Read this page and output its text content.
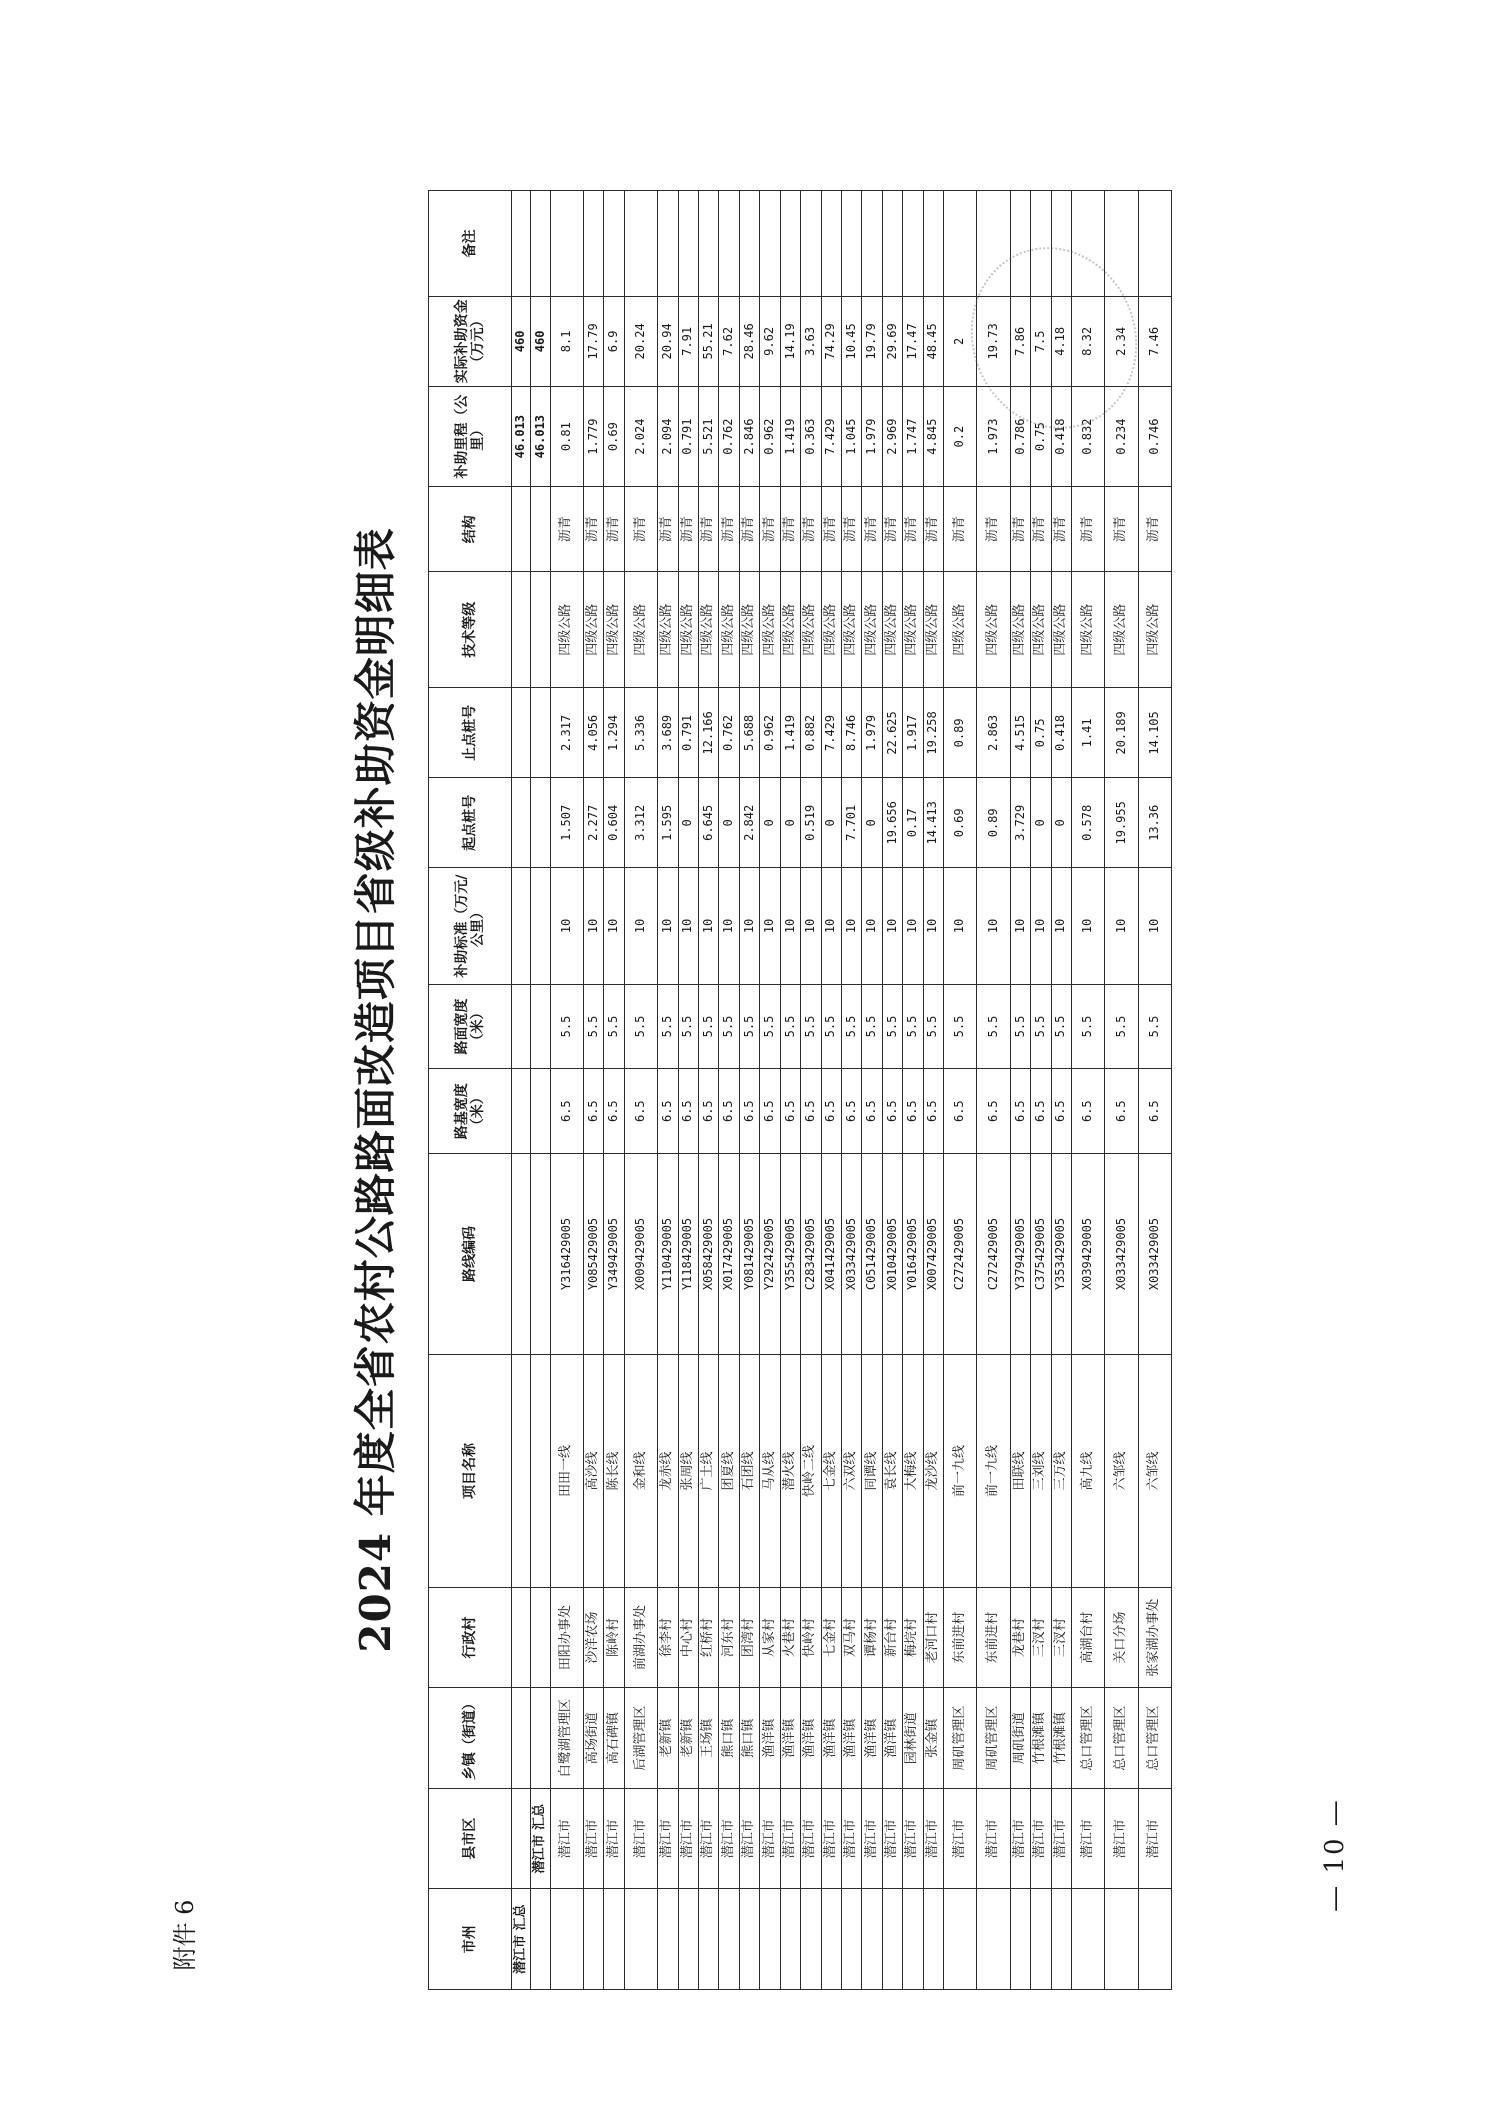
附件 6
— 10 —
2024 年度全省农村公路路面改造项目省级补助资金明细表
市州	县市区	乡镇（街道）	行政村	项目名称	路线编码	路基宽度（米）	路面宽度（米）	补助标准（万元/公里）	起点桩号	止点桩号	技术等级	结构	补助里程（公里）	实际补助资金（万元）	备注
潜江市 汇总													46.013	460	
	潜江市 汇总												46.013	460	
	潜江市	白鹭湖管理区	田阳办事处	田田一线	Y316429005	6.5	5.5	10	1.507	2.317	四级公路	沥青	0.81	8.1	
	潜江市	高场街道	沙洋农场	高沙线	Y085429005	6.5	5.5	10	2.277	4.056	四级公路	沥青	1.779	17.79	
	潜江市	高石碑镇	陈岭村	陈长线	Y349429005	6.5	5.5	10	0.604	1.294	四级公路	沥青	0.69	6.9	
	潜江市	后湖管理区	前湖办事处	金和线	X009429005	6.5	5.5	10	3.312	5.336	四级公路	沥青	2.024	20.24	
	潜江市	老新镇	徐李村	龙赤线	Y110429005	6.5	5.5	10	1.595	3.689	四级公路	沥青	2.094	20.94	
	潜江市	老新镇	中心村	张周线	Y118429005	6.5	5.5	10	0	0.791	四级公路	沥青	0.791	7.91	
	潜江市	王场镇	红桥村	广土线	X058429005	6.5	5.5	10	6.645	12.166	四级公路	沥青	5.521	55.21	
	潜江市	熊口镇	河东村	团夏线	X017429005	6.5	5.5	10	0	0.762	四级公路	沥青	0.762	7.62	
	潜江市	熊口镇	团湾村	石团线	Y081429005	6.5	5.5	10	2.842	5.688	四级公路	沥青	2.846	28.46	
	潜江市	渔洋镇	从家村	马从线	Y292429005	6.5	5.5	10	0	0.962	四级公路	沥青	0.962	9.62	
	潜江市	渔洋镇	火巷村	潜火线	Y355429005	6.5	5.5	10	0	1.419	四级公路	沥青	1.419	14.19	
	潜江市	渔洋镇	快岭村	快岭二线	C283429005	6.5	5.5	10	0.519	0.882	四级公路	沥青	0.363	3.63	
	潜江市	渔洋镇	七金村	七金线	X041429005	6.5	5.5	10	0	7.429	四级公路	沥青	7.429	74.29	
	潜江市	渔洋镇	双马村	六双线	X033429005	6.5	5.5	10	7.701	8.746	四级公路	沥青	1.045	10.45	
	潜江市	渔洋镇	谭杨村	同谭线	C051429005	6.5	5.5	10	0	1.979	四级公路	沥青	1.979	19.79	
	潜江市	渔洋镇	新台村	袁长线	X010429005	6.5	5.5	10	19.656	22.625	四级公路	沥青	2.969	29.69	
	潜江市	园林街道	梅垸村	大梅线	Y016429005	6.5	5.5	10	0.17	1.917	四级公路	沥青	1.747	17.47	
	潜江市	张金镇	老河口村	龙沙线	X007429005	6.5	5.5	10	14.413	19.258	四级公路	沥青	4.845	48.45	
	潜江市	周矶管理区	东前进村	前一九线	C272429005	6.5	5.5	10	0.69	0.89	四级公路	沥青	0.2	2	
	潜江市	周矶管理区	东前进村	前一九线	C272429005	6.5	5.5	10	0.89	2.863	四级公路	沥青	1.973	19.73	
	潜江市	周矶街道	龙巷村	田联线	Y379429005	6.5	5.5	10	3.729	4.515	四级公路	沥青	0.786	7.86	
	潜江市	竹根滩镇	三汊村	三刘线	C375429005	6.5	5.5	10	0	0.75	四级公路	沥青	0.75	7.5	
	潜江市	竹根滩镇	三汊村	三万线	Y353429005	6.5	5.5	10	0	0.418	四级公路	沥青	0.418	4.18	
	潜江市	总口管理区	高湖台村	高九线	X039429005	6.5	5.5	10	0.578	1.41	四级公路	沥青	0.832	8.32	
	潜江市	总口管理区	关口分场	六邹线	X033429005	6.5	5.5	10	19.955	20.189	四级公路	沥青	0.234	2.34	
	潜江市	总口管理区	张家湖办事处	六邹线	X033429005	6.5	5.5	10	13.36	14.105	四级公路	沥青	0.746	7.46	
